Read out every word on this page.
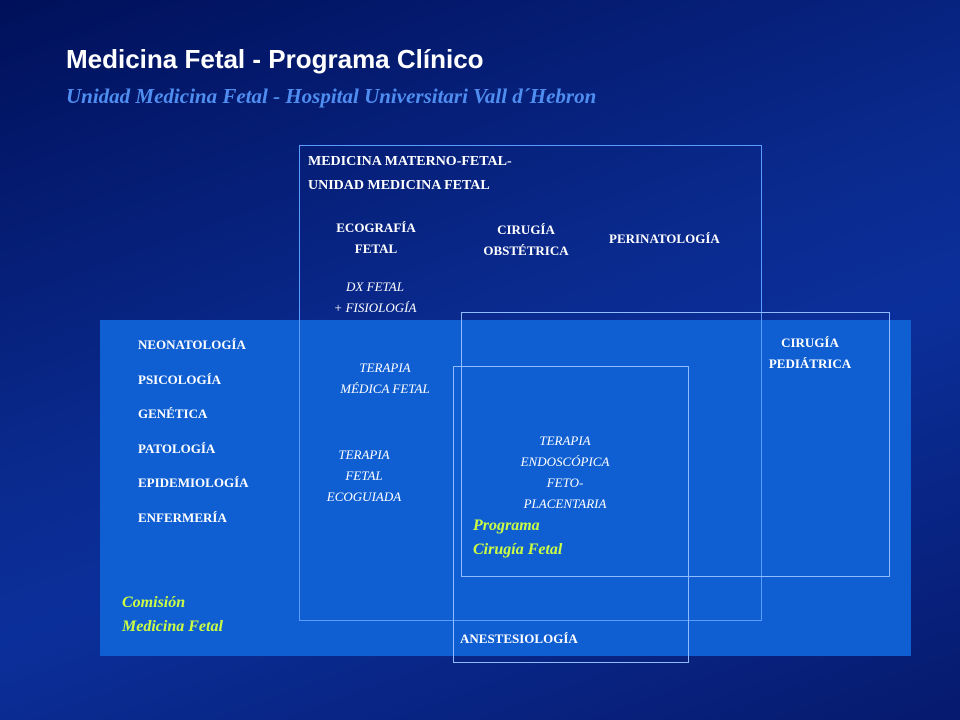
Medicina Fetal - Programa Clínico
Unidad Medicina Fetal - Hospital Universitari Vall d´Hebron
MEDICINA MATERNO-FETAL-
UNIDAD MEDICINA FETAL
ECOGRAFÍA
FETAL
CIRUGÍA
OBSTÉTRICA
PERINATOLOGÍA
DX FETAL
+ FISIOLOGÍA
TERAPIA
MÉDICA FETAL
TERAPIA
FETAL
ECOGUIADA
CIRUGÍA
PEDIÁTRICA
TERAPIA
ENDOSCÓPICA
FETO-
PLACENTARIA
Programa
Cirugía Fetal
ANESTESIOLOGÍA
NEONATOLOGÍA
PSICOLOGÍA
GENÉTICA
PATOLOGÍA
EPIDEMIOLOGÍA
ENFERMERÍA
Comisión
Medicina Fetal
